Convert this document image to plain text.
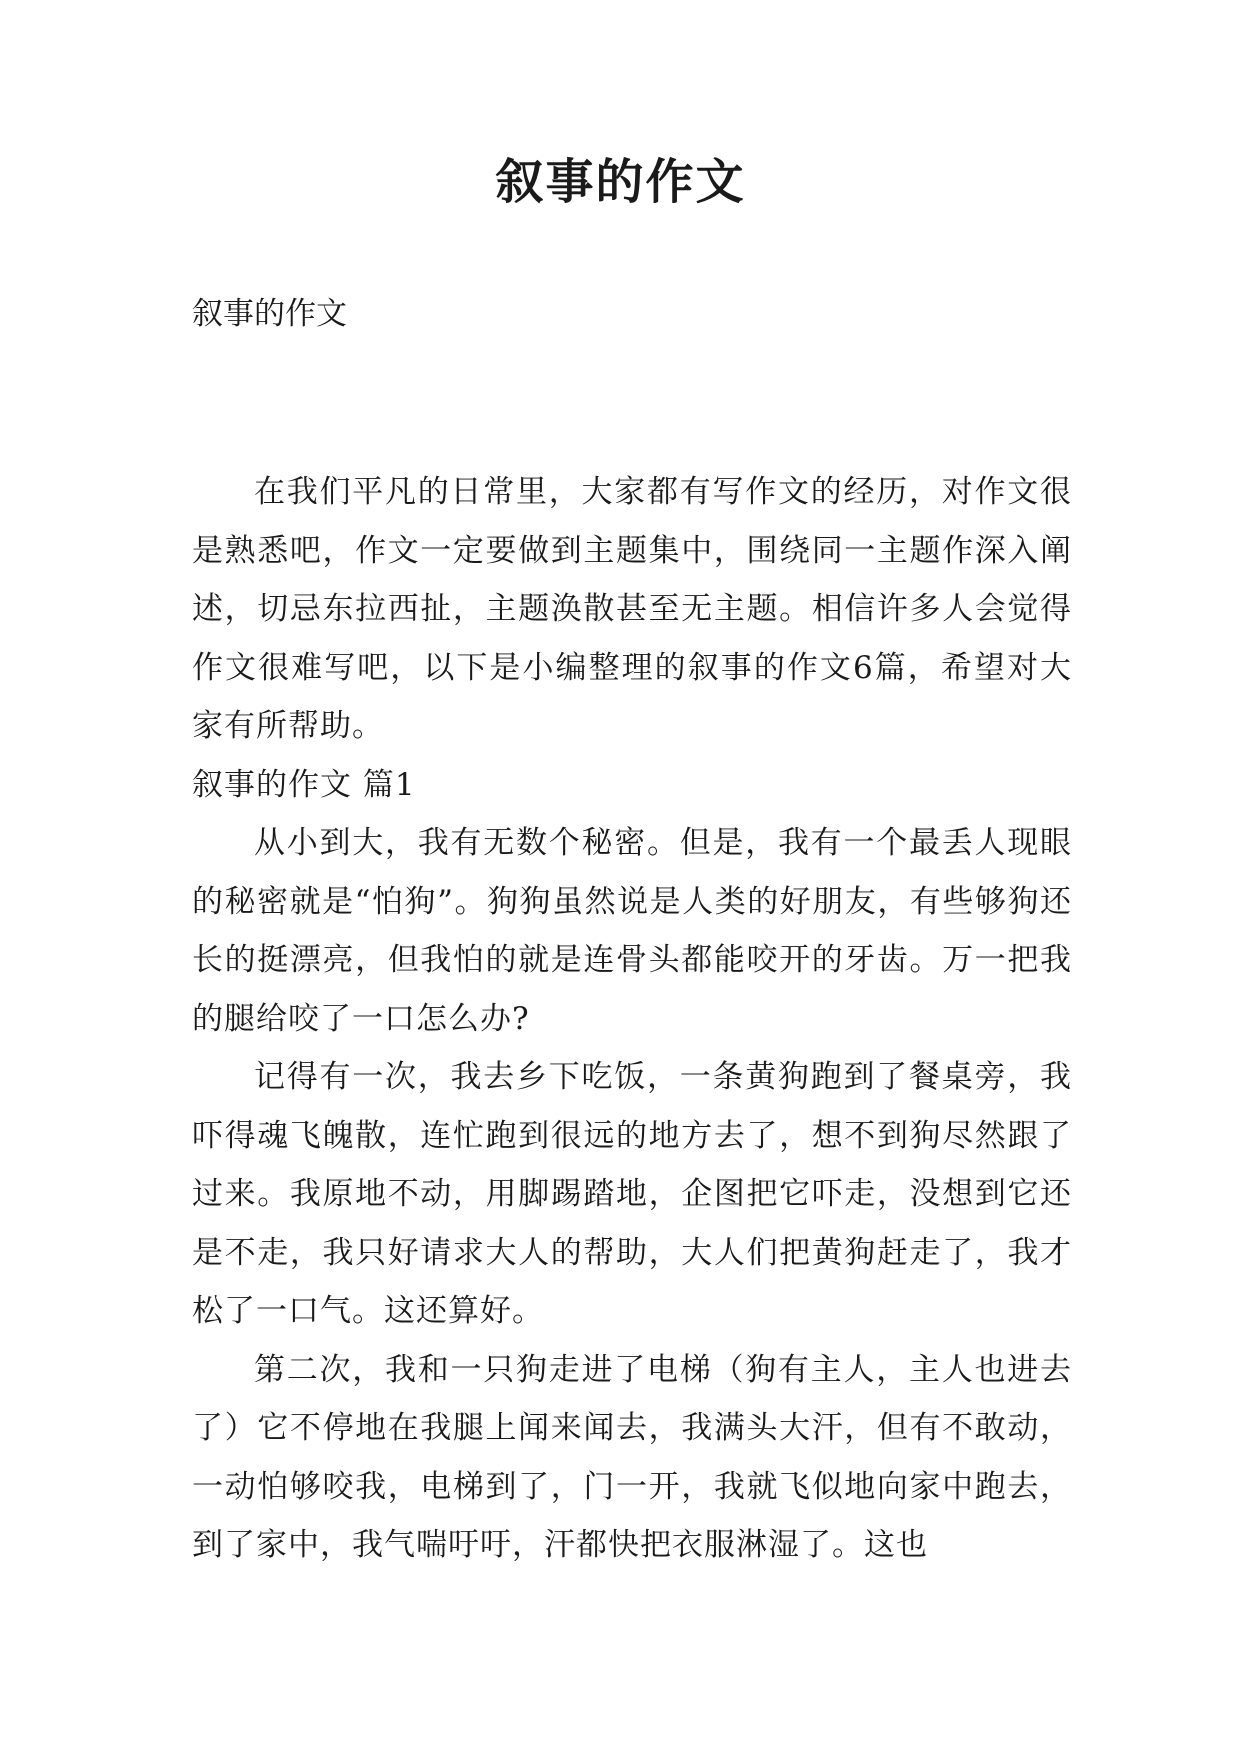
叙事的作文
叙事的作文

在我们平凡的日常里，大家都有写作文的经历，对作文很是熟悉吧，作文一定要做到主题集中，围绕同一主题作深入阐述，切忌东拉西扯，主题涣散甚至无主题。相信许多人会觉得作文很难写吧，以下是小编整理的叙事的作文6篇，希望对大家有所帮助。

叙事的作文 篇1

从小到大，我有无数个秘密。但是，我有一个最丢人现眼的秘密就是“怕狗”。狗狗虽然说是人类的好朋友，有些够狗还长的挺漂亮，但我怕的就是连骨头都能咬开的牙齿。万一把我的腿给咬了一口怎么办?

记得有一次，我去乡下吃饭，一条黄狗跑到了餐桌旁，我吓得魂飞魄散，连忙跑到很远的地方去了，想不到狗尽然跟了过来。我原地不动，用脚踢踏地，企图把它吓走，没想到它还是不走，我只好请求大人的帮助，大人们把黄狗赶走了，我才松了一口气。这还算好。

第二次，我和一只狗走进了电梯（狗有主人，主人也进去了）它不停地在我腿上闻来闻去，我满头大汗，但有不敢动，一动怕够咬我，电梯到了，门一开，我就飞似地向家中跑去，到了家中，我气喘吁吁，汗都快把衣服淋湿了。这也
